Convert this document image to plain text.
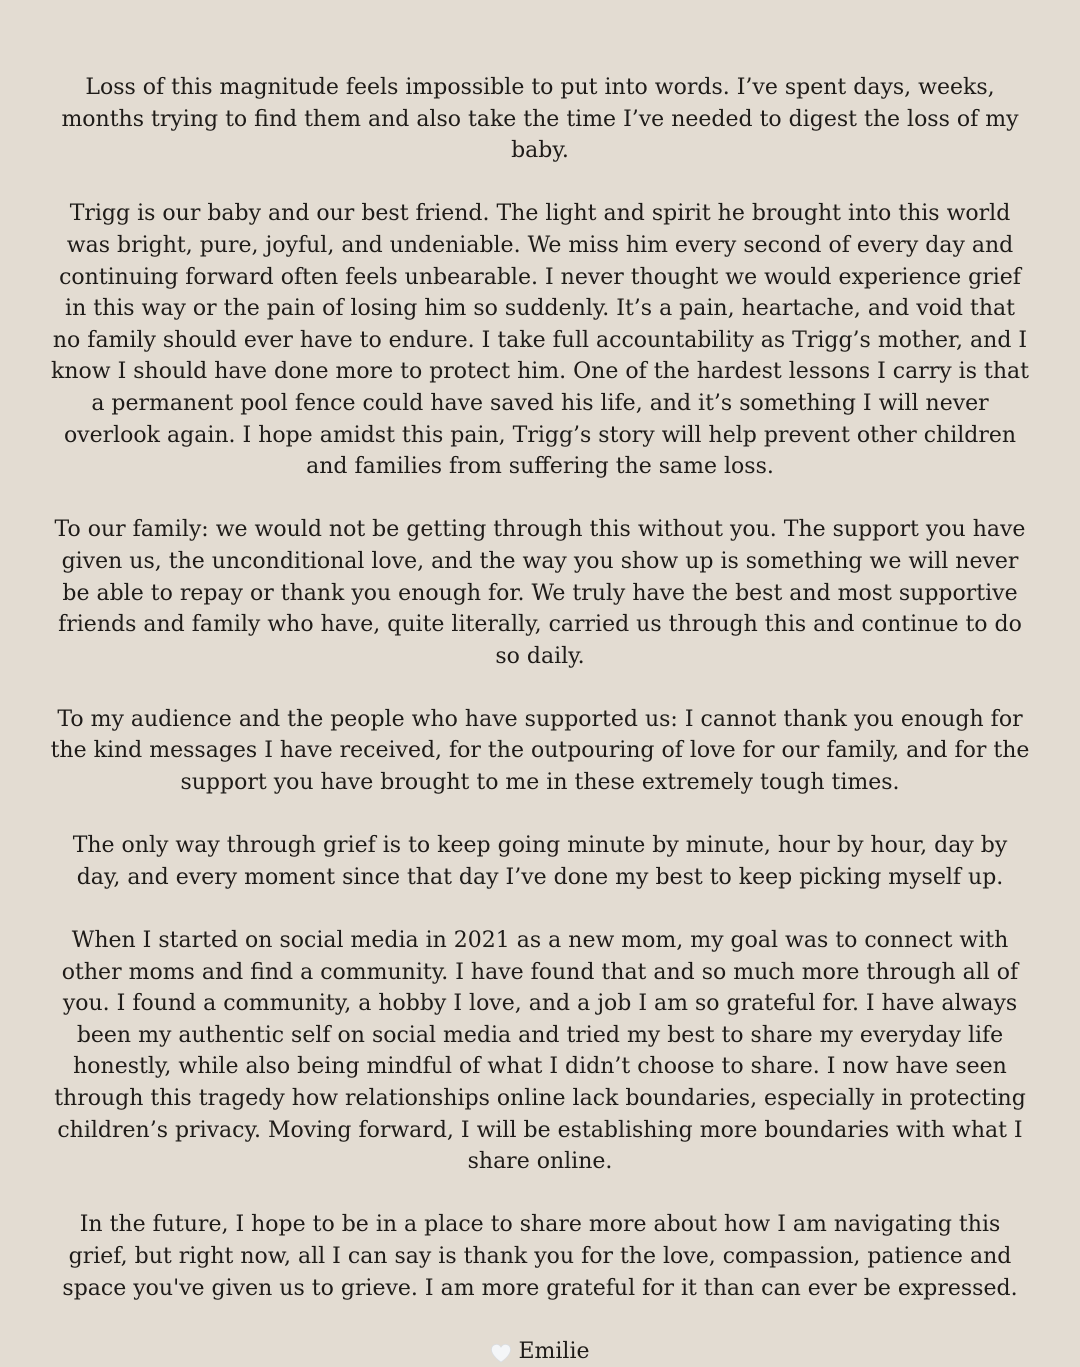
Loss of this magnitude feels impossible to put into words. I’ve spent days, weeks, months trying to find them and also take the time I’ve needed to digest the loss of my baby.

Trigg is our baby and our best friend. The light and spirit he brought into this world was bright, pure, joyful, and undeniable. We miss him every second of every day and continuing forward often feels unbearable. I never thought we would experience grief in this way or the pain of losing him so suddenly. It’s a pain, heartache, and void that no family should ever have to endure. I take full accountability as Trigg’s mother, and I know I should have done more to protect him. One of the hardest lessons I carry is that a permanent pool fence could have saved his life, and it’s something I will never overlook again. I hope amidst this pain, Trigg’s story will help prevent other children and families from suffering the same loss.

To our family: we would not be getting through this without you. The support you have given us, the unconditional love, and the way you show up is something we will never be able to repay or thank you enough for. We truly have the best and most supportive friends and family who have, quite literally, carried us through this and continue to do so daily.

To my audience and the people who have supported us: I cannot thank you enough for the kind messages I have received, for the outpouring of love for our family, and for the support you have brought to me in these extremely tough times.

The only way through grief is to keep going minute by minute, hour by hour, day by day, and every moment since that day I’ve done my best to keep picking myself up.

When I started on social media in 2021 as a new mom, my goal was to connect with other moms and find a community. I have found that and so much more through all of you. I found a community, a hobby I love, and a job I am so grateful for. I have always been my authentic self on social media and tried my best to share my everyday life honestly, while also being mindful of what I didn’t choose to share. I now have seen through this tragedy how relationships online lack boundaries, especially in protecting children’s privacy. Moving forward, I will be establishing more boundaries with what I share online.

In the future, I hope to be in a place to share more about how I am navigating this grief, but right now, all I can say is thank you for the love, compassion, patience and space you've given us to grieve. I am more grateful for it than can ever be expressed.

Emilie
